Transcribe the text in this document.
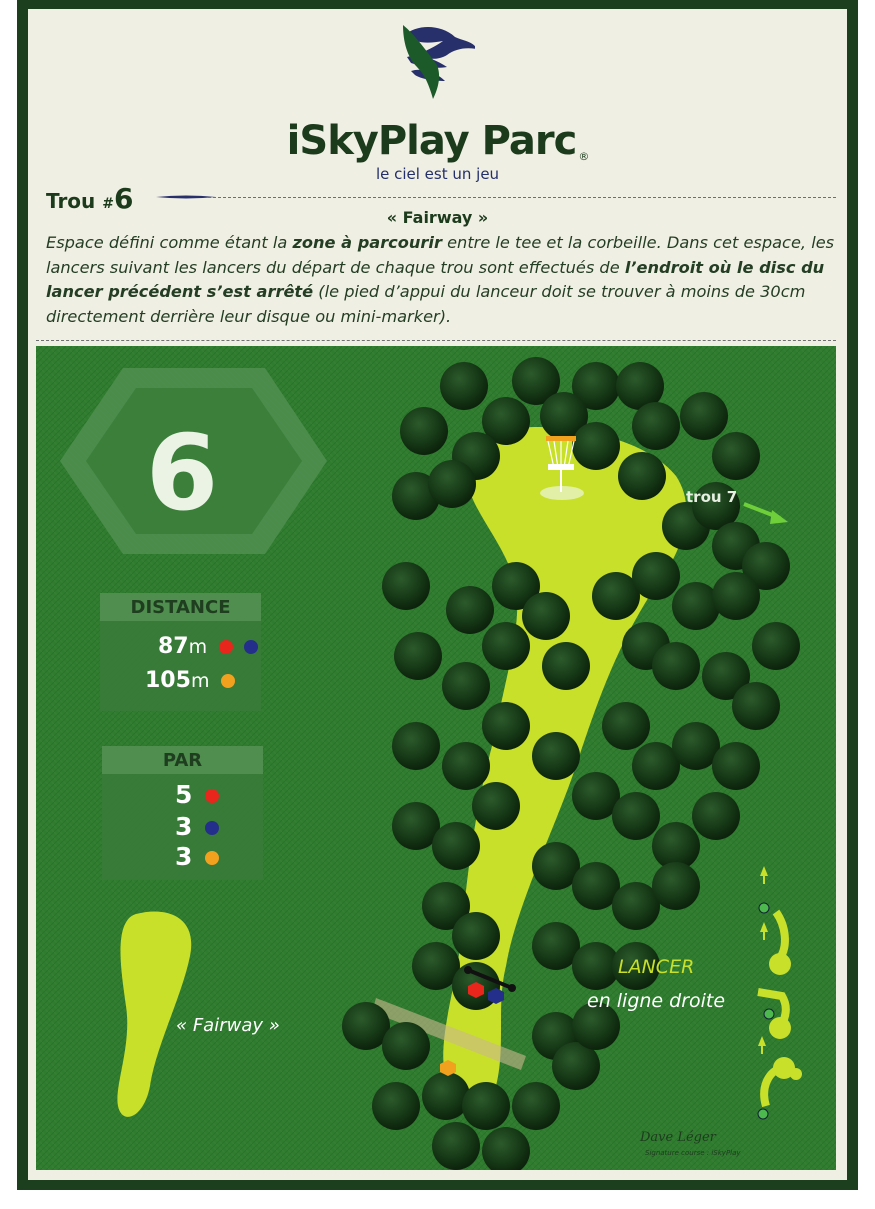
iSkyPlay Parc ®
le ciel est un jeu
Trou #6
« Fairway »
Espace défini comme étant la zone à parcourir entre le tee et la corbeille. Dans cet espace, les lancers suivant les lancers du départ de chaque trou sont effectués de l’endroit où le disc du lancer précédent s’est arrêté (le pied d’appui du lanceur doit se trouver à moins de 30cm directement derrière leur disque ou mini-marker).
6
DISTANCE
87m
105m
PAR
5
3
3
trou 7
LANCER
en ligne droite
« Fairway »
Dave Léger
Signature course : iSkyPlay
